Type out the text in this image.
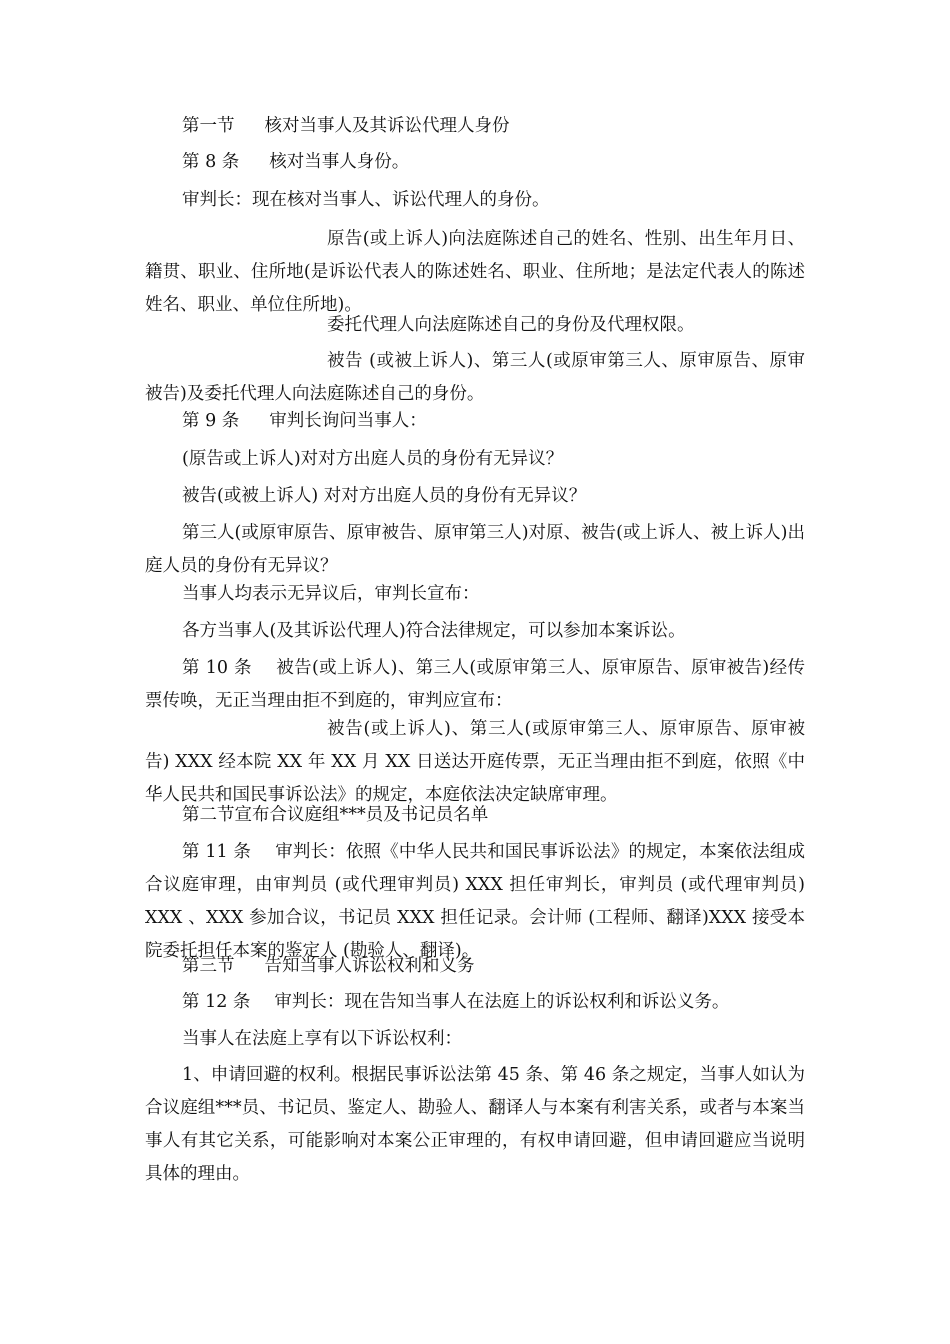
第一节 核对当事人及其诉讼代理人身份

第 8 条 核对当事人身份。

审判长：现在核对当事人、诉讼代理人的身份。

原告(或上诉人)向法庭陈述自己的姓名、性别、出生年月日、籍贯、职业、住所地(是诉讼代表人的陈述姓名、职业、住所地；是法定代表人的陈述姓名、职业、单位住所地)。

委托代理人向法庭陈述自己的身份及代理权限。

被告 (或被上诉人)、第三人(或原审第三人、原审原告、原审被告)及委托代理人向法庭陈述自己的身份。

第 9 条 审判长询问当事人：

(原告或上诉人)对对方出庭人员的身份有无异议？

被告(或被上诉人) 对对方出庭人员的身份有无异议？

第三人(或原审原告、原审被告、原审第三人)对原、被告(或上诉人、被上诉人)出庭人员的身份有无异议？

当事人均表示无异议后，审判长宣布：

各方当事人(及其诉讼代理人)符合法律规定，可以参加本案诉讼。

第 10 条 被告(或上诉人)、第三人(或原审第三人、原审原告、原审被告)经传票传唤，无正当理由拒不到庭的，审判应宣布：

被告(或上诉人)、第三人(或原审第三人、原审原告、原审被告) XXX 经本院 XX 年 XX 月 XX 日送达开庭传票，无正当理由拒不到庭，依照《中华人民共和国民事诉讼法》的规定，本庭依法决定缺席审理。

第二节宣布合议庭组***员及书记员名单

第 11 条 审判长：依照《中华人民共和国民事诉讼法》的规定，本案依法组成合议庭审理，由审判员 (或代理审判员) XXX 担任审判长，审判员 (或代理审判员) XXX 、XXX 参加合议，书记员 XXX 担任记录。会计师 (工程师、翻译)XXX 接受本院委托担任本案的鉴定人 (勘验人、翻译)。

第三节 告知当事人诉讼权利和义务

第 12 条 审判长：现在告知当事人在法庭上的诉讼权利和诉讼义务。

当事人在法庭上享有以下诉讼权利：

1、申请回避的权利。根据民事诉讼法第 45 条、第 46 条之规定，当事人如认为合议庭组***员、书记员、鉴定人、勘验人、翻译人与本案有利害关系，或者与本案当事人有其它关系，可能影响对本案公正审理的，有权申请回避，但申请回避应当说明具体的理由。
